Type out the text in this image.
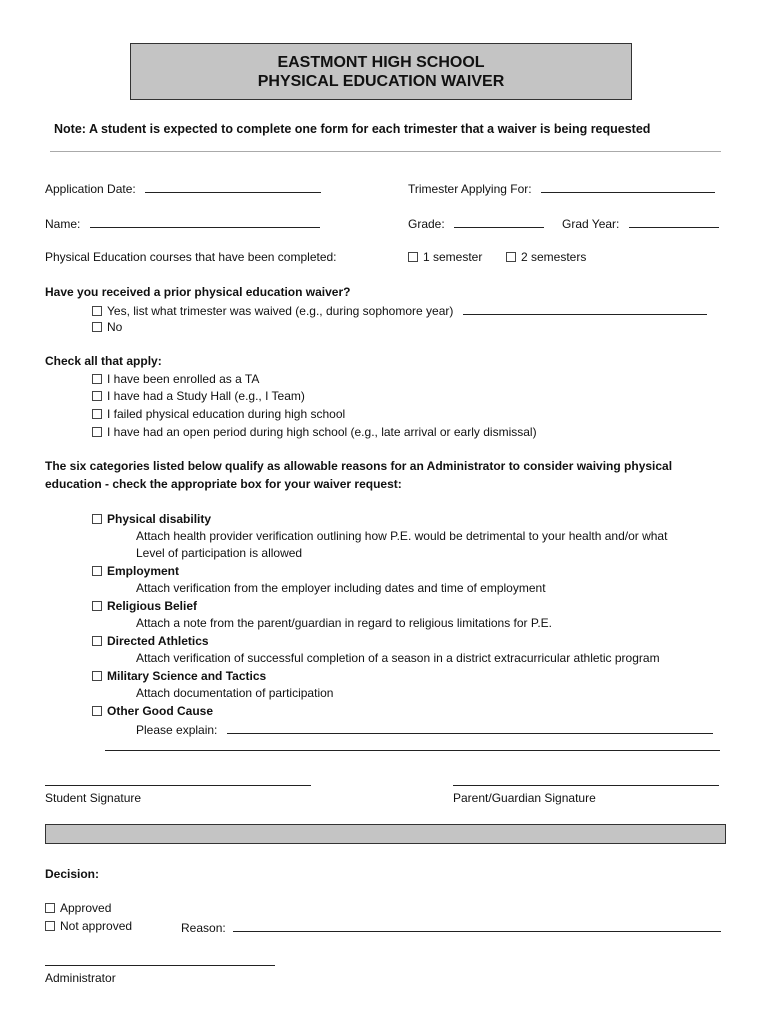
EASTMONT HIGH SCHOOL
PHYSICAL EDUCATION WAIVER
Note: A student is expected to complete one form for each trimester that a waiver is being requested
Application Date:	Trimester Applying For:
Name:	Grade:	Grad Year:
Physical Education courses that have been completed:	1 semester	2 semesters
Have you received a prior physical education waiver?
Yes, list what trimester was waived (e.g., during sophomore year)
No
Check all that apply:
I have been enrolled as a TA
I have had a Study Hall (e.g., I Team)
I failed physical education during high school
I have had an open period during high school (e.g., late arrival or early dismissal)
The six categories listed below qualify as allowable reasons for an Administrator to consider waiving physical
education - check the appropriate box for your waiver request:
Physical disability
Attach health provider verification outlining how P.E. would be detrimental to your health and/or what
Level of participation is allowed
Employment
Attach verification from the employer including dates and time of employment
Religious Belief
Attach a note from the parent/guardian in regard to religious limitations for P.E.
Directed Athletics
Attach verification of successful completion of a season in a district extracurricular athletic program
Military Science and Tactics
Attach documentation of participation
Other Good Cause
Please explain:
Student Signature	Parent/Guardian Signature
Decision:
Approved
Not approved	Reason:
Administrator
